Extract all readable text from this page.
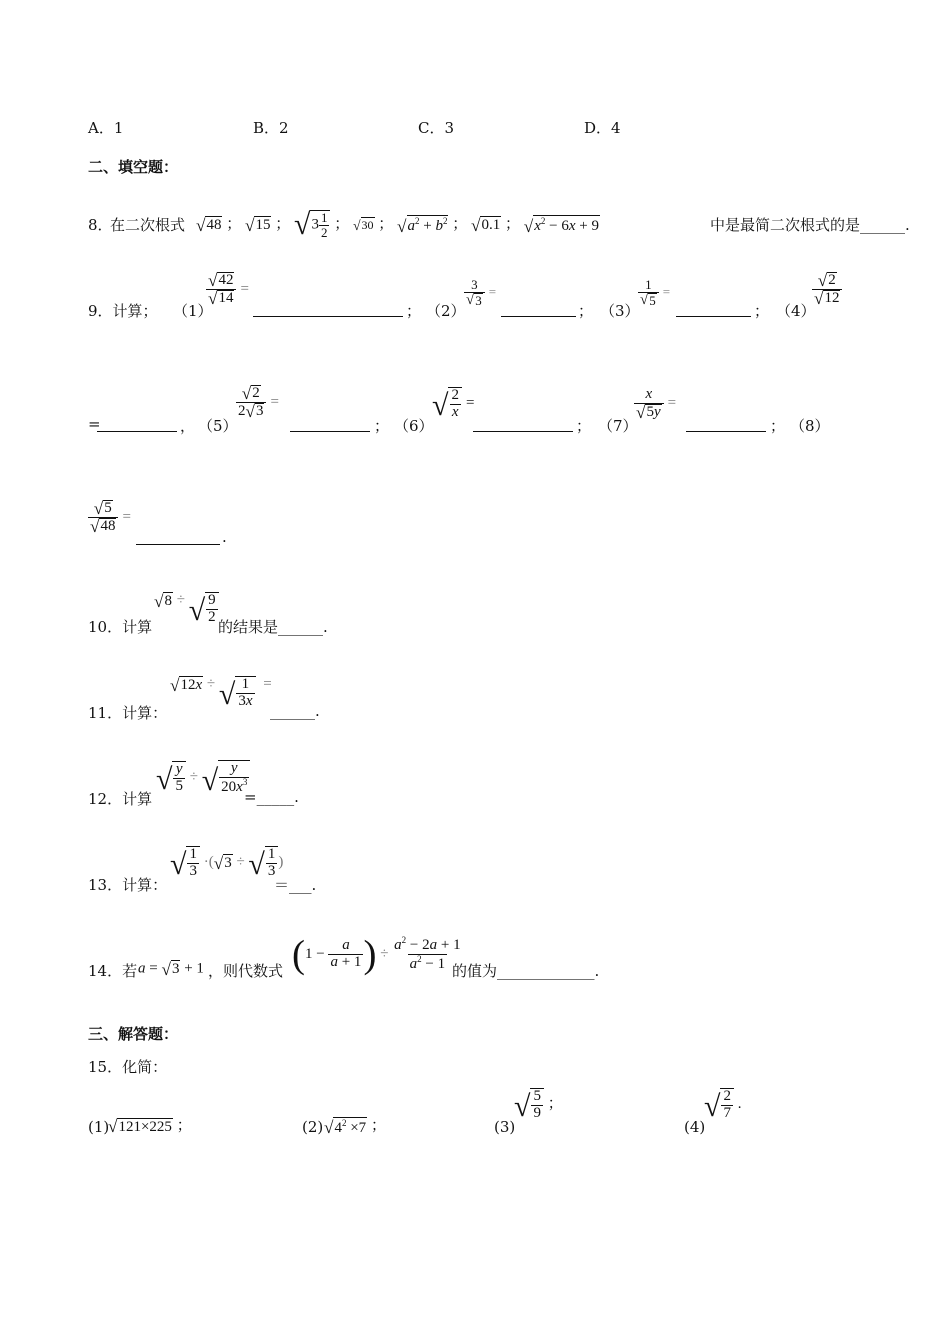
A．1	B．2	C．3	D．4
二、填空题：
8．
在二次根式 √ 48 ； √ 15 ； √ $3 \frac{1}{2}$ ； √ 30 ； √ $a^2 + b^2$ ； √ 0.1 ； √ $x^2 - 6x + 9$	中是最简二次根式的是______.
9．计算； （1）
$\frac{√ 42}{√ 14}$ =
； （2）
$\frac{3}{√ 3}$ =
； （3）
$\frac{1}{√ 5}$ =
； （4）
$\frac{√ 2}{√ 12}$
=	， （5）
$\frac{√ 2}{2 √ 3}$ =
； （6）
√ $\frac{2}{x}$ =
； （7）
$\frac{x}{√ 5y}$ =
； （8）
$\frac{√ 5}{√ 48}$ =
.
10．计算
√ 8 ÷ √ $\frac{9}{2}$
的结果是______.
11．计算：
√ 12x ÷ √ $\frac{1}{3x}$ =
______.
12．计算
√ $\frac{y}{5}$ ÷ √ $\frac{y}{20x^3}$
=_____.
13．计算：
√ $\frac{1}{3}$ ·( √ 3 ÷ √ $\frac{1}{3}$ )
＝___.
14．若 a = √ 3 + 1 ，则代数式 ($1 - \frac{a}{a + 1}$ ) ÷ $\frac{a^2 - 2a + 1}{a^2 - 1}$
的值为_____________.
三、解答题：
15．化简：
(1)
√ 121×225 ；	(2) √ $4^2 \times 7$ ；	(3)
√ $\frac{5}{9}$ ；
(4)
√ $\frac{2}{7}$ .
